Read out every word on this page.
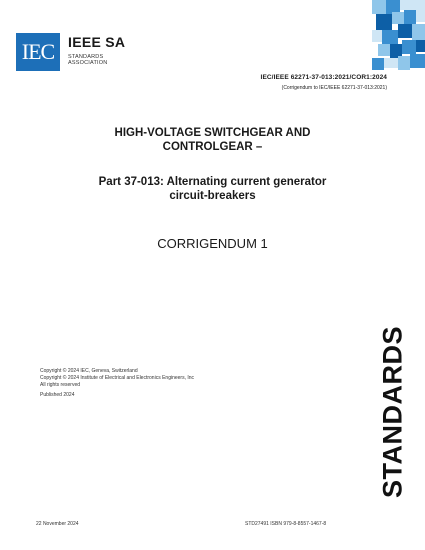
IEC IEEE SA
STANDARDS
ASSOCIATION
IEC/IEEE 62271-37-013:2021/COR1:2024
(Corrigendum to IEC/IEEE 62271-37-013:2021)
HIGH-VOLTAGE SWITCHGEAR AND
CONTROLGEAR –
Part 37-013: Alternating current generator
circuit-breakers
CORRIGENDUM 1
Copyright © 2024 IEC, Geneva, Switzerland
Copyright © 2024 Institute of Electrical and Electronics Engineers, Inc
All rights reserved
Published 2024
22 November 2024	STD27491 ISBN 979-8-8557-1467-8
STANDARDS
